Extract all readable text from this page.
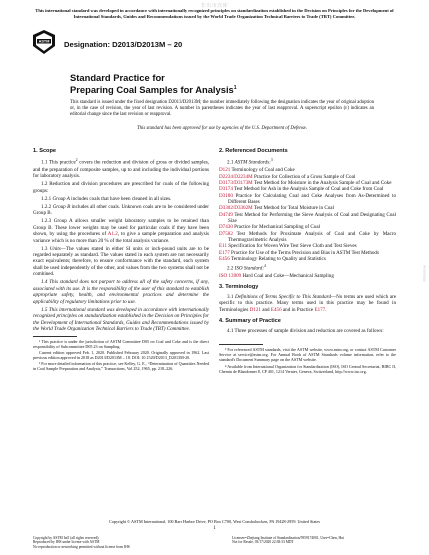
非出市次库
This international standard was developed in accordance with internationally recognized principles on standardization established in the Decision on Principles for the Development of International Standards, Guides and Recommendations issued by the World Trade Organization Technical Barriers to Trade (TBT) Committee.
ASTM Designation: D2013/D2013M – 20
Standard Practice for
Preparing Coal Samples for Analysis$^1$
This standard is issued under the fixed designation D2013/D2013M; the number immediately following the designation indicates the year of original adoption or, in the case of revision, the year of last revision. A number in parentheses indicates the year of last reapproval. A superscript epsilon (ε) indicates an editorial change since the last revision or reapproval.
This standard has been approved for use by agencies of the U.S. Department of Defense.
1. Scope
1.1 This practice$^2$ covers the reduction and division of gross or divided samples, and the preparation of composite samples, up to and including the individual portions for laboratory analysis.
1.2 Reduction and division procedures are prescribed for coals of the following groups:
1.2.1 Group A includes coals that have been cleaned in all sizes.
1.2.2 Group B includes all other coals. Unknown coals are to be considered under Group B.
1.2.3 Group A allows smaller weight laboratory samples to be retained than Group B. These lower weights may be used for particular coals if they have been shown, by using the procedures of A1.2, to give a sample preparation and analysis variance which is no more than 20 % of the total analysis variance.
1.3 Units—The values stated in either SI units or inch-pound units are to be regarded separately as standard. The values stated in each system are not necessarily exact equivalents; therefore, to ensure conformance with the standard, each system shall be used independently of the other, and values from the two systems shall not be combined.
1.4 This standard does not purport to address all of the safety concerns, if any, associated with its use. It is the responsibility of the user of this standard to establish appropriate safety, health, and environmental practices and determine the applicability of regulatory limitations prior to use.
1.5 This international standard was developed in accordance with internationally recognized principles on standardization established in the Decision on Principles for the Development of International Standards, Guides and Recommendations issued by the World Trade Organization Technical Barriers to Trade (TBT) Committee.
¹ This practice is under the jurisdiction of ASTM Committee D05 on Coal and Coke and is the direct responsibility of Subcommittee D05.23 on Sampling.
Current edition approved Feb. 1, 2020. Published February 2020. Originally approved in 1962. Last previous edition approved in 2018 as D2013/D2013M – 18. DOI: 10.1520/D2013_D2013M-20.
² For more detailed information of this practice, see Kelley, G. E., “Determination of Quantities Needed in Coal Sample Preparation and Analysis,” Transactions, Vol 252, 1965, pp. 218–226.
2. Referenced Documents
2.1 ASTM Standards:$^3$
D121 Terminology of Coal and Coke
D2234/D2234M Practice for Collection of a Gross Sample of Coal
D3173/D3173M Test Method for Moisture in the Analysis Sample of Coal and Coke
D3174 Test Method for Ash in the Analysis Sample of Coal and Coke from Coal
D3180 Practice for Calculating Coal and Coke Analyses from As-Determined to Different Bases
D3302/D3302M Test Method for Total Moisture in Coal
D4749 Test Method for Performing the Sieve Analysis of Coal and Designating Coal Size
D7430 Practice for Mechanical Sampling of Coal
D7582 Test Methods for Proximate Analysis of Coal and Coke by Macro Thermogravimetric Analysis
E11 Specification for Woven Wire Test Sieve Cloth and Test Sieves
E177 Practice for Use of the Terms Precision and Bias in ASTM Test Methods
E456 Terminology Relating to Quality and Statistics
2.2 ISO Standard:$^4$
ISO 13909 Hard Coal and Coke—Mechanical Sampling
3. Terminology
3.1 Definitions of Terms Specific to This Standard—No terms are used which are specific to this practice. Many terms used in this practice may be found in Terminologies D121 and E456 and in Practice E177.
4. Summary of Practice
4.1 Three processes of sample division and reduction are covered as follows:
³ For referenced ASTM standards, visit the ASTM website, www.astm.org, or contact ASTM Customer Service at service@astm.org. For Annual Book of ASTM Standards volume information, refer to the standard's Document Summary page on the ASTM website.
⁴ Available from International Organization for Standardization (ISO), ISO Central Secretariat, BIBC II, Chemin de Blandonnet 8, CP 401, 1214 Vernier, Geneva, Switzerland, http://www.iso.org.
Copyright © ASTM International, 100 Barr Harbor Drive, PO Box C700, West Conshohocken, PA 19428-2959. United States
1
Copyright by ASTM Int'l (all rights reserved);
Reproduced by IHS under license with ASTM
No reproduction or networking permitted without license from IHS
Licensee=Zhejiang Institute of Standardization/5959174001, User=Chen, Hui
Not for Resale, 03/17/2020 22:38:33 MDT
非出市次库
